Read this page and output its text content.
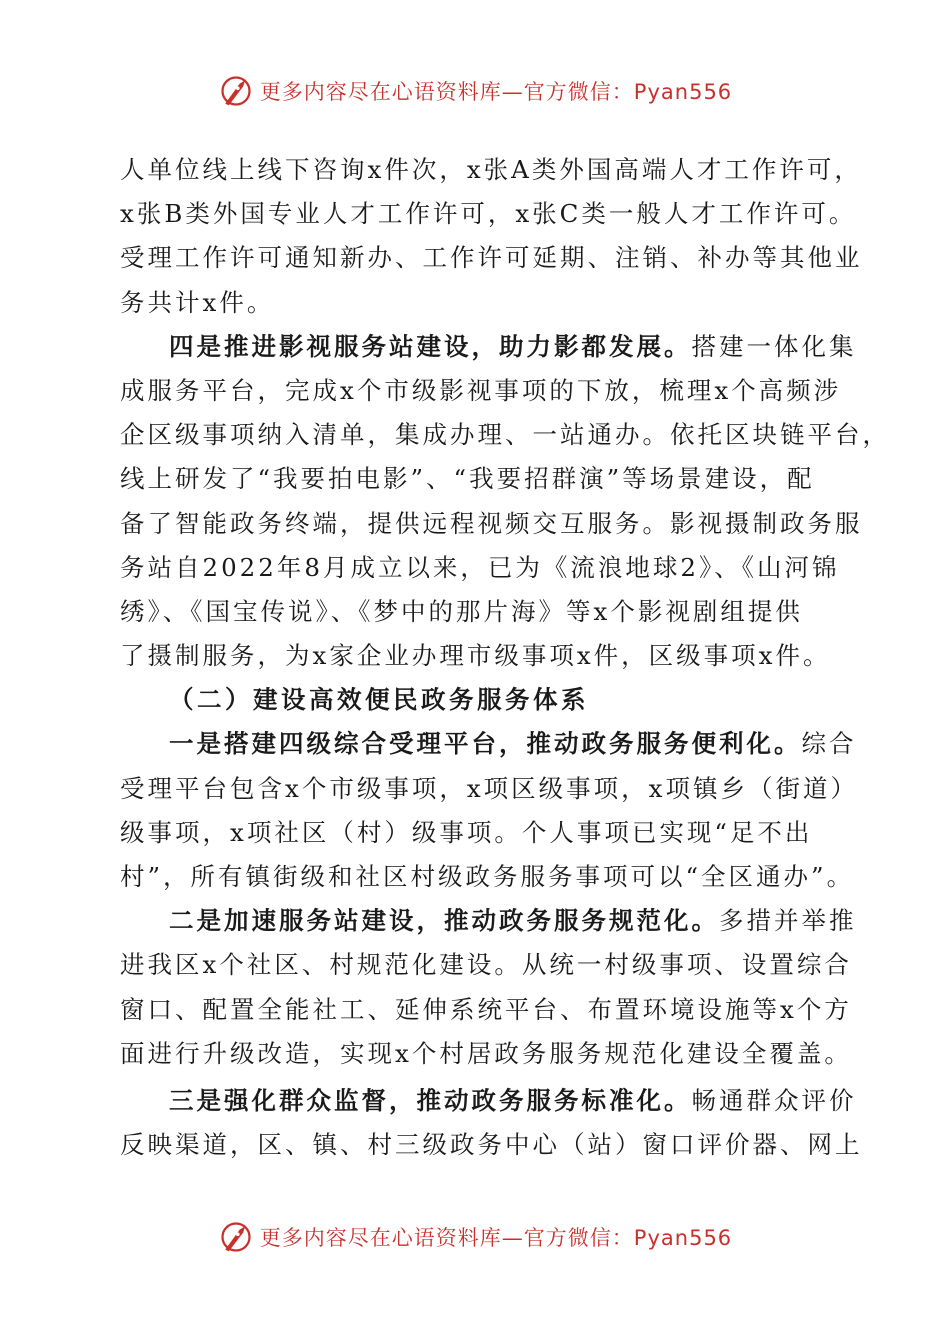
更多内容尽在心语资料库—官方微信：Pyan556
人单位线上线下咨询x件次，x张A类外国高端人才工作许可，
x张B类外国专业人才工作许可，x张C类一般人才工作许可。
受理工作许可通知新办、工作许可延期、注销、补办等其他业
务共计x件。
四是推进影视服务站建设，助力影都发展。搭建一体化集
成服务平台，完成x个市级影视事项的下放，梳理x个高频涉
企区级事项纳入清单，集成办理、一站通办。依托区块链平台，
线上研发了“我要拍电影”、“我要招群演”等场景建设，配
备了智能政务终端，提供远程视频交互服务。影视摄制政务服
务站自2022年8月成立以来，已为《流浪地球2》、《山河锦
绣》、《国宝传说》、《梦中的那片海》等x个影视剧组提供
了摄制服务，为x家企业办理市级事项x件，区级事项x件。
（二）建设高效便民政务服务体系
一是搭建四级综合受理平台，推动政务服务便利化。综合
受理平台包含x个市级事项，x项区级事项，x项镇乡（街道）
级事项，x项社区（村）级事项。个人事项已实现“足不出
村”，所有镇街级和社区村级政务服务事项可以“全区通办”。
二是加速服务站建设，推动政务服务规范化。多措并举推
进我区x个社区、村规范化建设。从统一村级事项、设置综合
窗口、配置全能社工、延伸系统平台、布置环境设施等x个方
面进行升级改造，实现x个村居政务服务规范化建设全覆盖。
三是强化群众监督，推动政务服务标准化。畅通群众评价
反映渠道，区、镇、村三级政务中心（站）窗口评价器、网上
更多内容尽在心语资料库—官方微信：Pyan556
